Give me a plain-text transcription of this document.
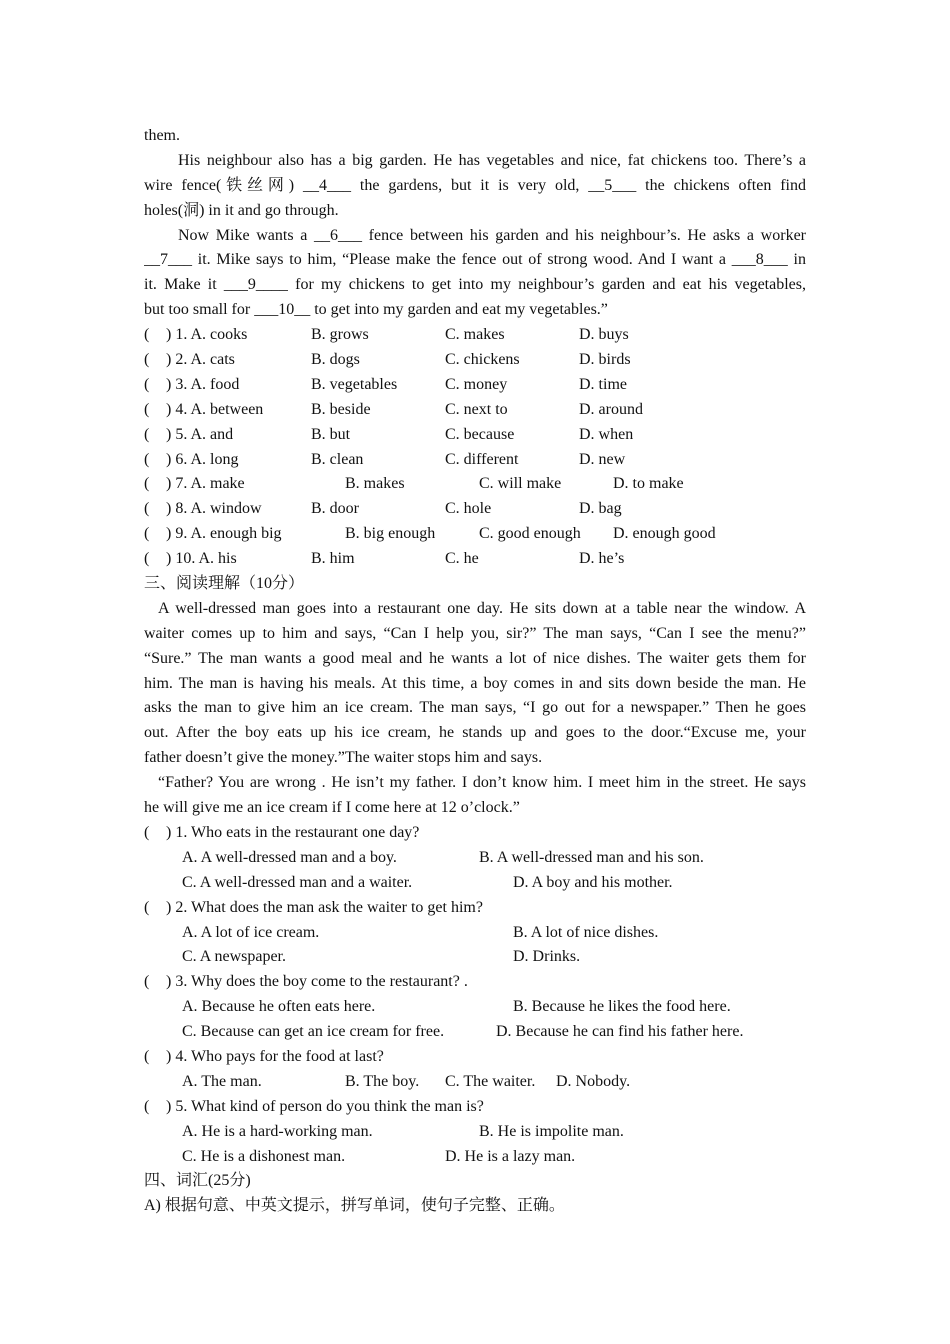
them.
His neighbour also has a big garden. He has vegetables and nice, fat chickens too. There’s a
wire fence(铁丝网) __4___ the gardens, but it is very old, __5___ the chickens often find
holes(洞) in it and go through.
Now Mike wants a __6___ fence between his garden and his neighbour’s. He asks a worker
__7___ it. Mike says to him, “Please make the fence out of strong wood. And I want a ___8___ in
it. Make it ___9____ for my chickens to get into my neighbour’s garden and eat his vegetables,
but too small for ___10__ to get into my garden and eat my vegetables.”
( ) 1. A. cooks	B. grows	C. makes	D. buys
( ) 2. A. cats	B. dogs	C. chickens	D. birds
( ) 3. A. food	B. vegetables	C. money	D. time
( ) 4. A. between	B. beside	C. next to	D. around
( ) 5. A. and	B. but	C. because	D. when
( ) 6. A. long	B. clean	C. different	D. new
( ) 7. A. make	B. makes	C. will make	D. to make
( ) 8. A. window	B. door	C. hole	D. bag
( ) 9. A. enough big	B. big enough	C. good enough D. enough good
( ) 10. A. his	B. him	C. he	D. he’s
三、阅读理解（10分）
A well-dressed man goes into a restaurant one day. He sits down at a table near the window. A
waiter comes up to him and says, “Can I help you, sir?” The man says, “Can I see the menu?”
“Sure.” The man wants a good meal and he wants a lot of nice dishes. The waiter gets them for
him. The man is having his meals. At this time, a boy comes in and sits down beside the man. He
asks the man to give him an ice cream. The man says, “I go out for a newspaper.” Then he goes
out. After the boy eats up his ice cream, he stands up and goes to the door.“Excuse me, your
father doesn’t give the money.”The waiter stops him and says.
“Father? You are wrong . He isn’t my father. I don’t know him. I meet him in the street. He says
he will give me an ice cream if I come here at 12 o’clock.”
( ) 1. Who eats in the restaurant one day?
A. A well-dressed man and a boy.	B. A well-dressed man and his son.
C. A well-dressed man and a waiter.	D. A boy and his mother.
( ) 2. What does the man ask the waiter to get him?
A. A lot of ice cream.	B. A lot of nice dishes.
C. A newspaper.	D. Drinks.
( ) 3. Why does the boy come to the restaurant? .
A. Because he often eats here.	B. Because he likes the food here.
C. Because can get an ice cream for free.	D. Because he can find his father here.
( ) 4. Who pays for the food at last?
A. The man.	B. The boy. C. The waiter. D. Nobody.
( ) 5. What kind of person do you think the man is?
A. He is a hard-working man.	B. He is impolite man.
C. He is a dishonest man.	D. He is a lazy man.
四、词汇(25分)
A) 根据句意、中英文提示，拼写单词，使句子完整、正确。
